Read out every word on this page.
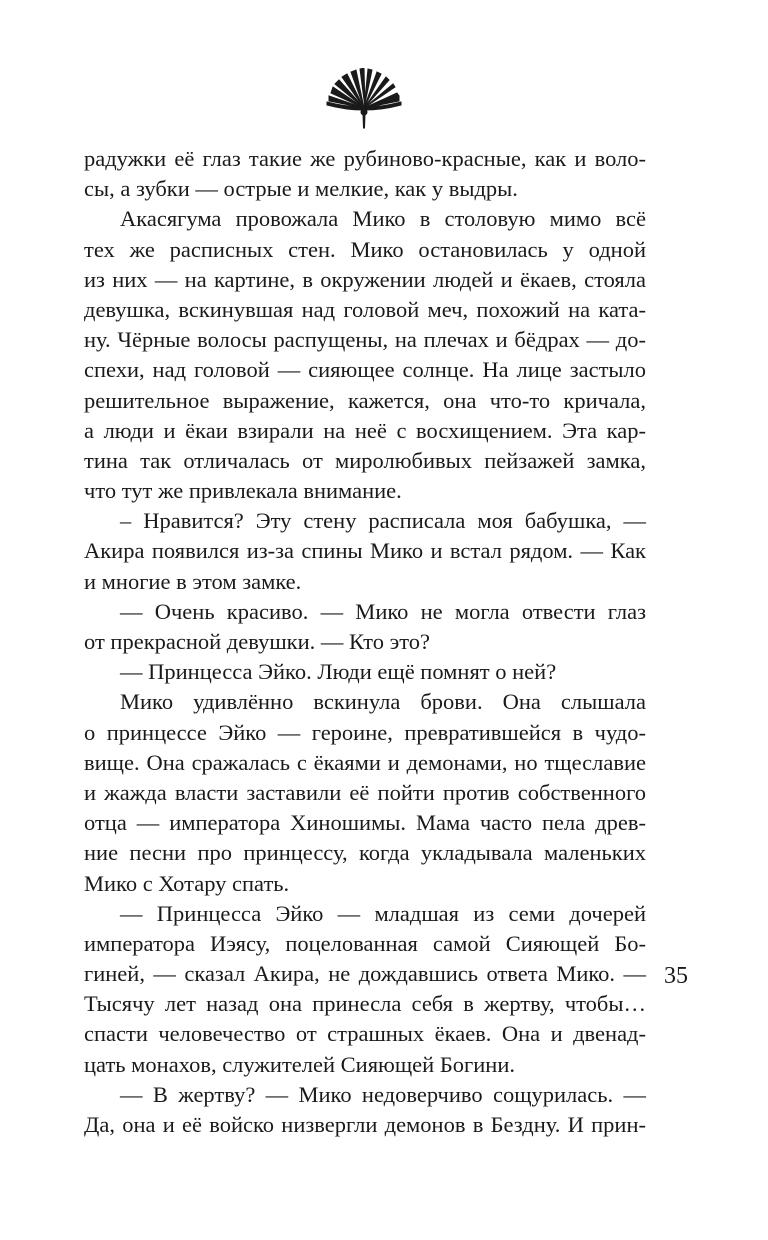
радужки её глаз такие же рубиново-красные, как и воло-
сы, а зубки — острые и мелкие, как у выдры.
Акасягума провожала Мико в столовую мимо всё
тех же расписных стен. Мико остановилась у одной
из них — на картине, в окружении людей и ёкаев, стояла
девушка, вскинувшая над головой меч, похожий на ката-
ну. Чёрные волосы распущены, на плечах и бёдрах — до-
спехи, над головой — сияющее солнце. На лице застыло
решительное выражение, кажется, она что-то кричала,
а люди и ёкаи взирали на неё с восхищением. Эта кар-
тина так отличалась от миролюбивых пейзажей замка,
что тут же привлекала внимание.
– Нравится? Эту стену расписала моя бабушка, —
Акира появился из-за спины Мико и встал рядом. — Как
и многие в этом замке.
— Очень красиво. — Мико не могла отвести глаз
от прекрасной девушки. — Кто это?
— Принцесса Эйко. Люди ещё помнят о ней?
Мико удивлённо вскинула брови. Она слышала
о принцессе Эйко — героине, превратившейся в чудо-
вище. Она сражалась с ёкаями и демонами, но тщеславие
и жажда власти заставили её пойти против собственного
отца — императора Хиношимы. Мама часто пела древ-
ние песни про принцессу, когда укладывала маленьких
Мико с Хотару спать.
— Принцесса Эйко — младшая из семи дочерей
императора Иэясу, поцелованная самой Сияющей Бо-
гиней, — сказал Акира, не дождавшись ответа Мико. —
Тысячу лет назад она принесла себя в жертву, чтобы…
спасти человечество от страшных ёкаев. Она и двенад-
цать монахов, служителей Сияющей Богини.
— В жертву? — Мико недоверчиво сощурилась. —
Да, она и её войско низвергли демонов в Бездну. И прин-
35
